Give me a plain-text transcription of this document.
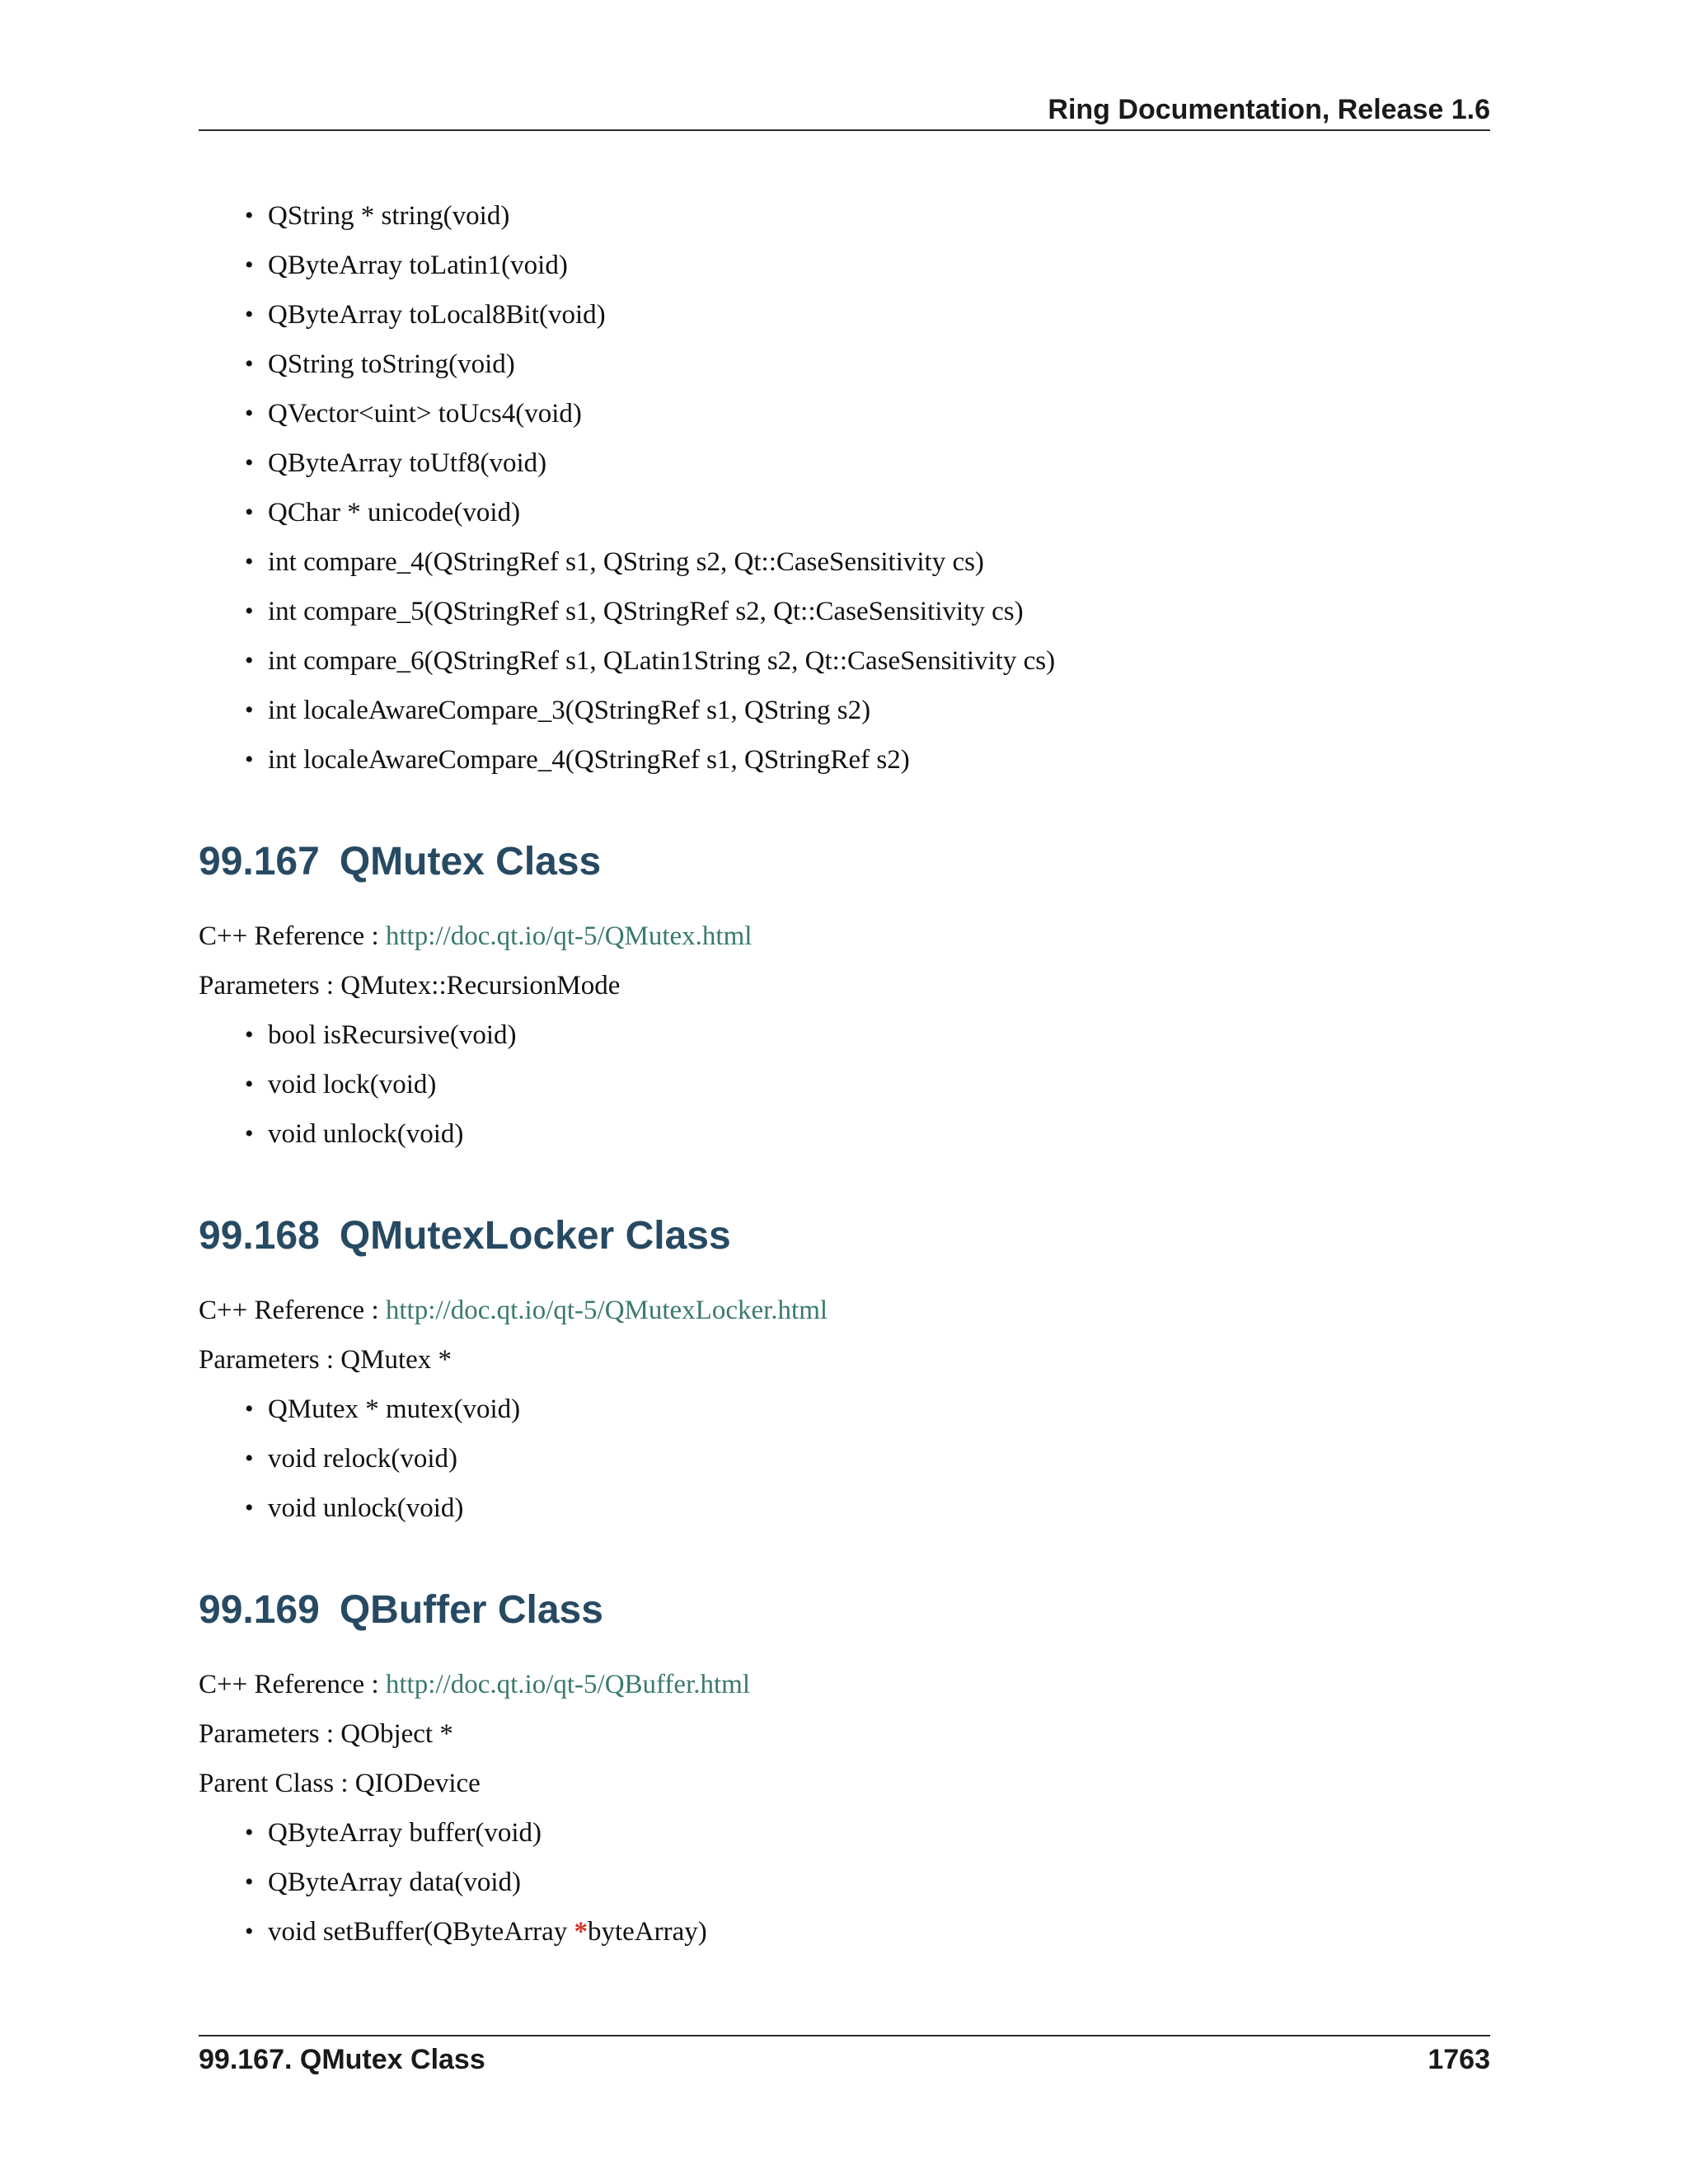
Ring Documentation, Release 1.6
• QString * string(void)
• QByteArray toLatin1(void)
• QByteArray toLocal8Bit(void)
• QString toString(void)
• QVector<uint> toUcs4(void)
• QByteArray toUtf8(void)
• QChar * unicode(void)
• int compare_4(QStringRef s1, QString s2, Qt::CaseSensitivity cs)
• int compare_5(QStringRef s1, QStringRef s2, Qt::CaseSensitivity cs)
• int compare_6(QStringRef s1, QLatin1String s2, Qt::CaseSensitivity cs)
• int localeAwareCompare_3(QStringRef s1, QString s2)
• int localeAwareCompare_4(QStringRef s1, QStringRef s2)
99.167 QMutex Class

C++ Reference : http://doc.qt.io/qt-5/QMutex.html

Parameters : QMutex::RecursionMode

• bool isRecursive(void)
• void lock(void)
• void unlock(void)
99.168 QMutexLocker Class

C++ Reference : http://doc.qt.io/qt-5/QMutexLocker.html

Parameters : QMutex *

• QMutex * mutex(void)
• void relock(void)
• void unlock(void)
99.169 QBuffer Class

C++ Reference : http://doc.qt.io/qt-5/QBuffer.html

Parameters : QObject *

Parent Class : QIODevice

• QByteArray buffer(void)
• QByteArray data(void)
• void setBuffer(QByteArray *byteArray)
99.167. QMutex Class	1763
